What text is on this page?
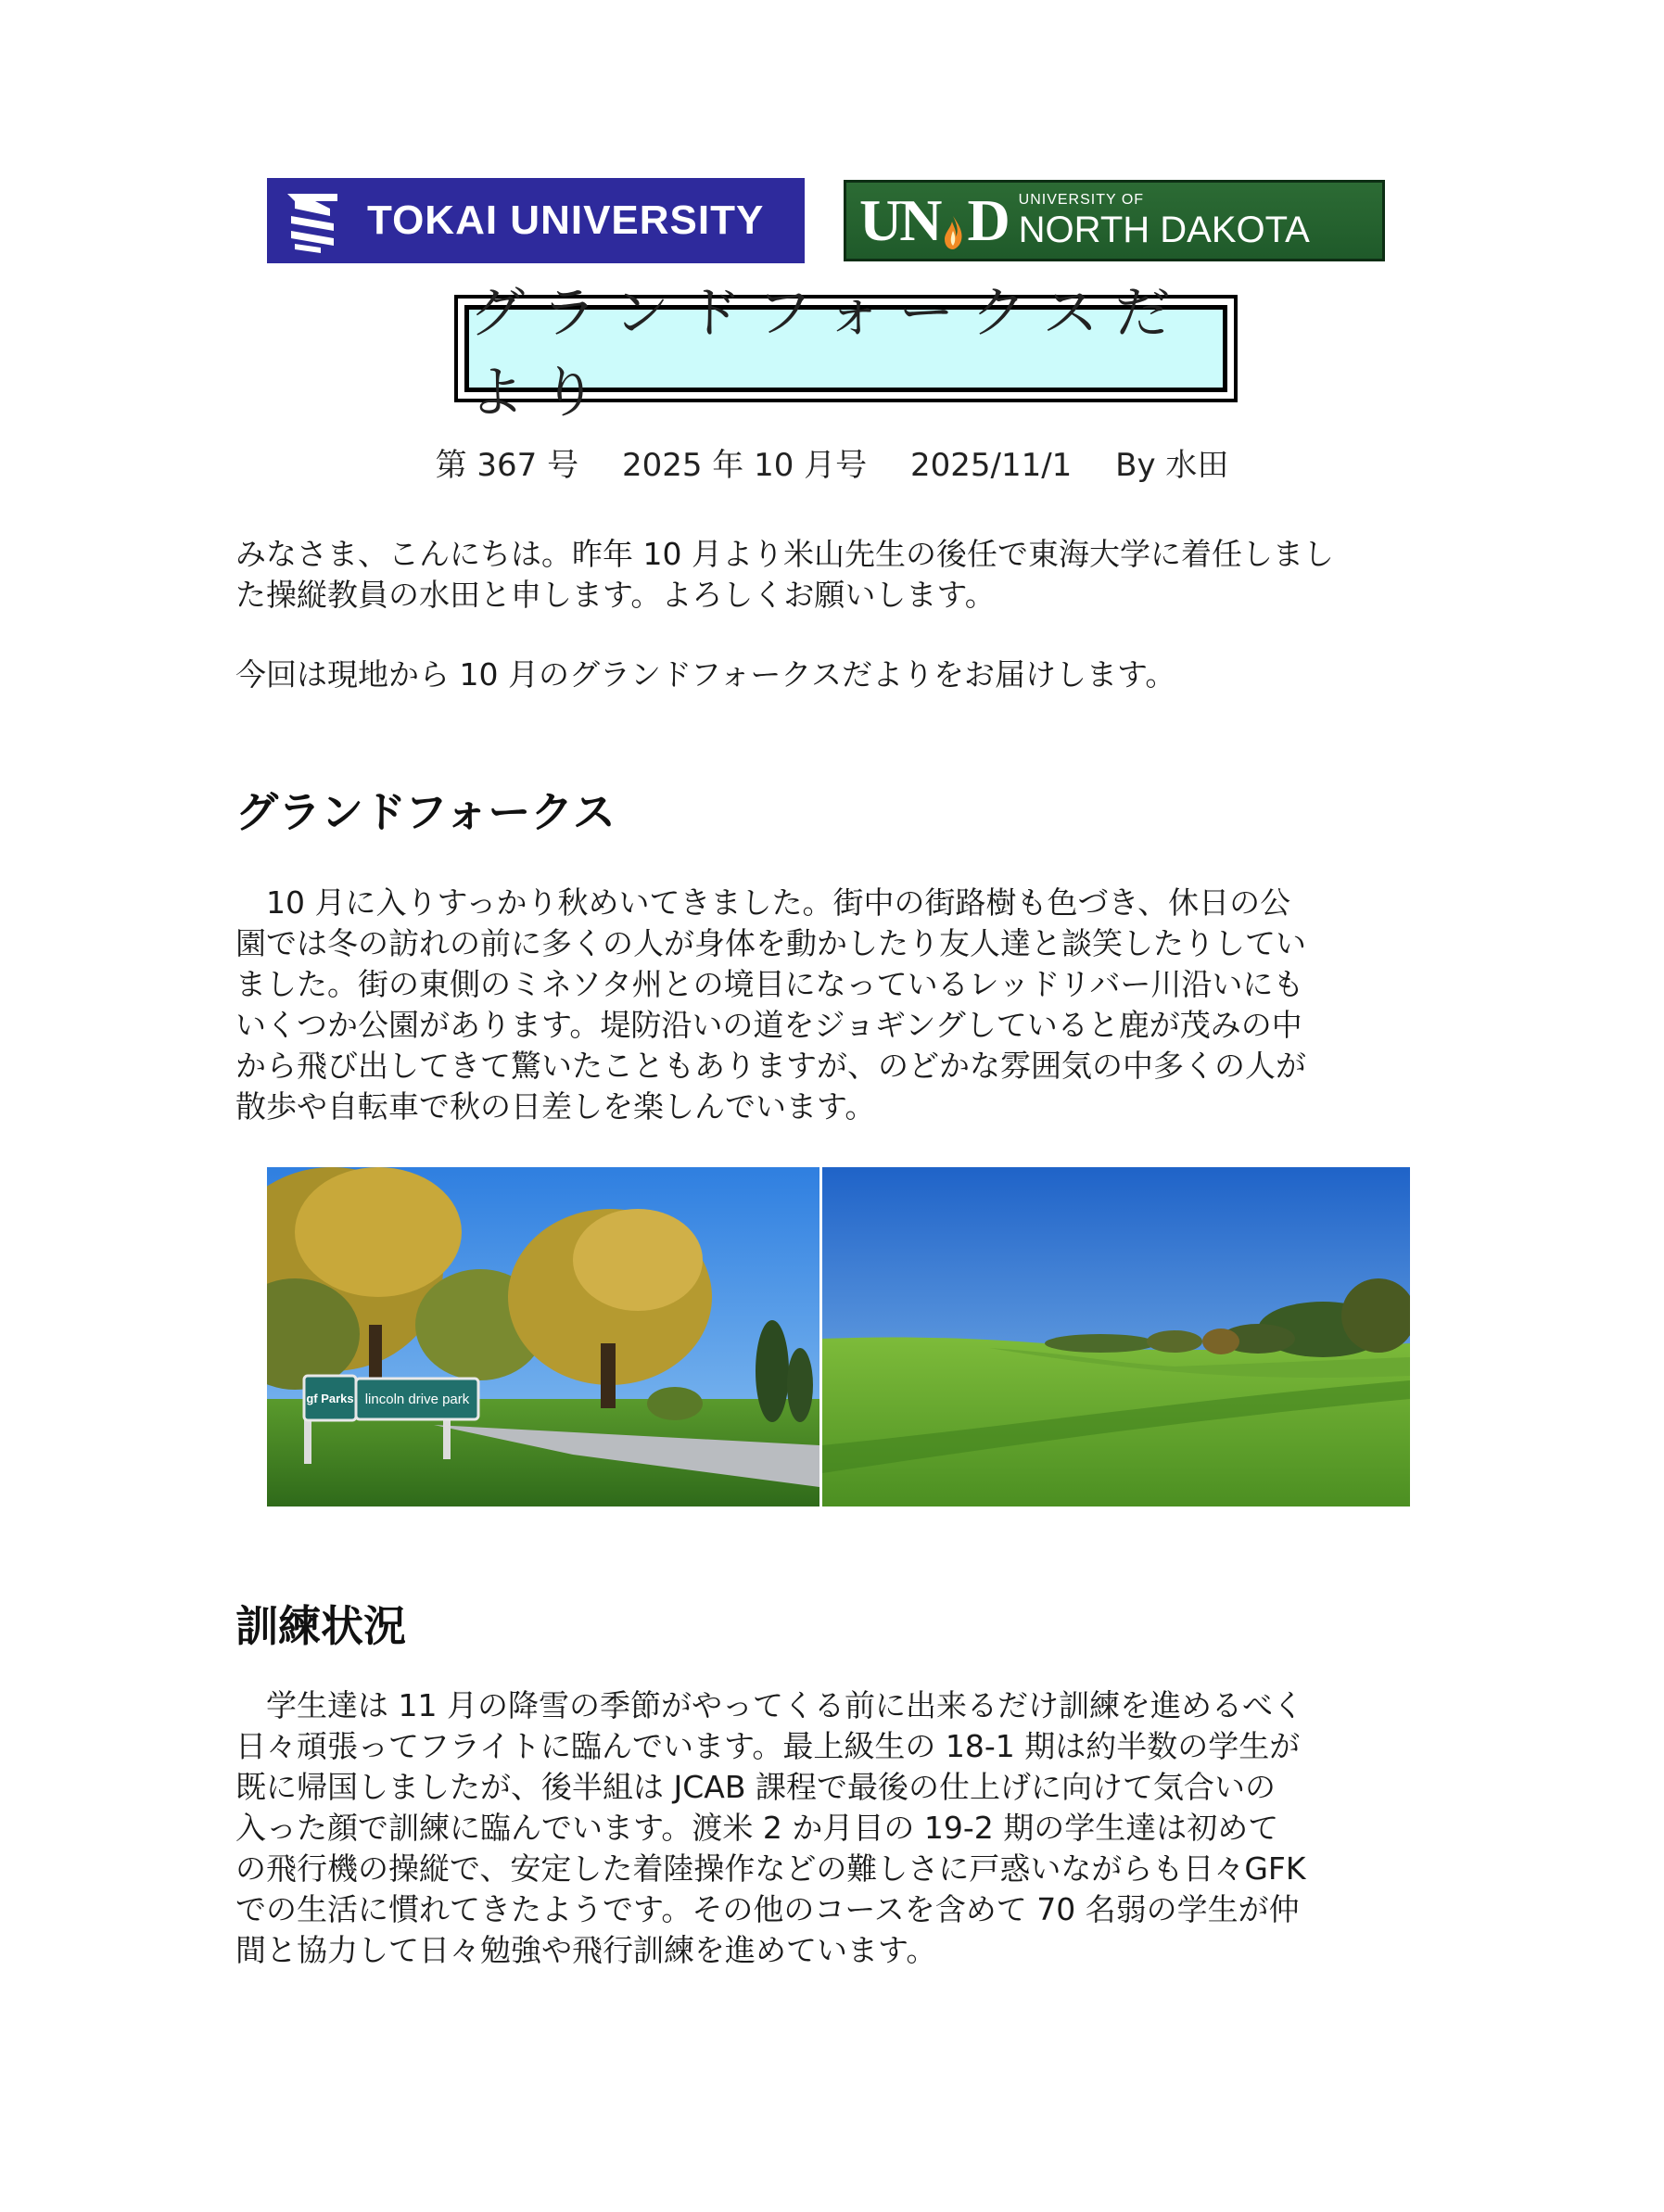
TOKAI UNIVERSITY U N D UNIVERSITY OF
NORTH DAKOTA
グランドフォークスだより
第 367 号 2025 年 10 月号 2025/11/1 By 水田
みなさま、こんにちは。昨年 10 月より米山先生の後任で東海大学に着任しまし
た操縦教員の水田と申します。よろしくお願いします。
今回は現地から 10 月のグランドフォークスだよりをお届けします。
グランドフォークス
　10 月に入りすっかり秋めいてきました。街中の街路樹も色づき、休日の公
園では冬の訪れの前に多くの人が身体を動かしたり友人達と談笑したりしてい
ました。街の東側のミネソタ州との境目になっているレッドリバー川沿いにも
いくつか公園があります。堤防沿いの道をジョギングしていると鹿が茂みの中
から飛び出してきて驚いたこともありますが、のどかな雰囲気の中多くの人が
散歩や自転車で秋の日差しを楽しんでいます。
gf Parks lincoln drive park
訓練状況
　学生達は 11 月の降雪の季節がやってくる前に出来るだけ訓練を進めるべく
日々頑張ってフライトに臨んでいます。最上級生の 18-1 期は約半数の学生が
既に帰国しましたが、後半組は JCAB 課程で最後の仕上げに向けて気合いの
入った顔で訓練に臨んでいます。渡米 2 か月目の 19-2 期の学生達は初めて
の飛行機の操縦で、安定した着陸操作などの難しさに戸惑いながらも日々GFK
での生活に慣れてきたようです。その他のコースを含めて 70 名弱の学生が仲
間と協力して日々勉強や飛行訓練を進めています。
